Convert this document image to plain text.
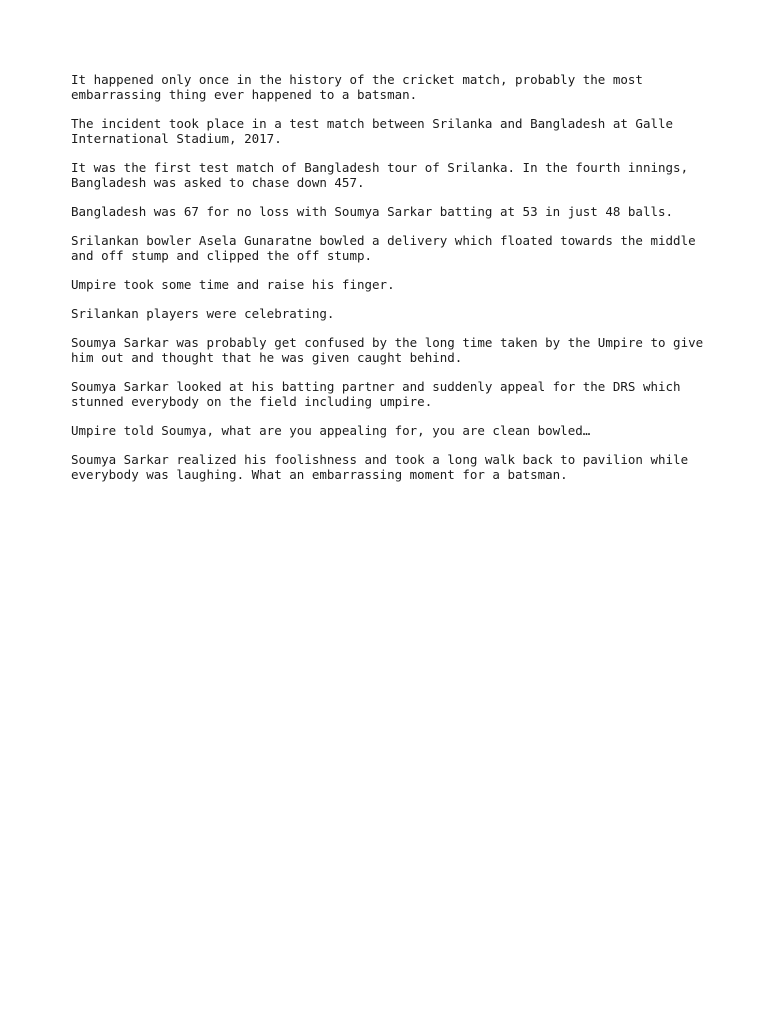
It happened only once in the history of the cricket match, probably the most embarrassing thing ever happened to a batsman.

The incident took place in a test match between Srilanka and Bangladesh at Galle International Stadium, 2017.

It was the first test match of Bangladesh tour of Srilanka. In the fourth innings, Bangladesh was asked to chase down 457.

Bangladesh was 67 for no loss with Soumya Sarkar batting at 53 in just 48 balls.

Srilankan bowler Asela Gunaratne bowled a delivery which floated towards the middle and off stump and clipped the off stump.

Umpire took some time and raise his finger.

Srilankan players were celebrating.

Soumya Sarkar was probably get confused by the long time taken by the Umpire to give him out and thought that he was given caught behind.

Soumya Sarkar looked at his batting partner and suddenly appeal for the DRS which stunned everybody on the field including umpire.

Umpire told Soumya, what are you appealing for, you are clean bowled…

Soumya Sarkar realized his foolishness and took a long walk back to pavilion while everybody was laughing. What an embarrassing moment for a batsman.
